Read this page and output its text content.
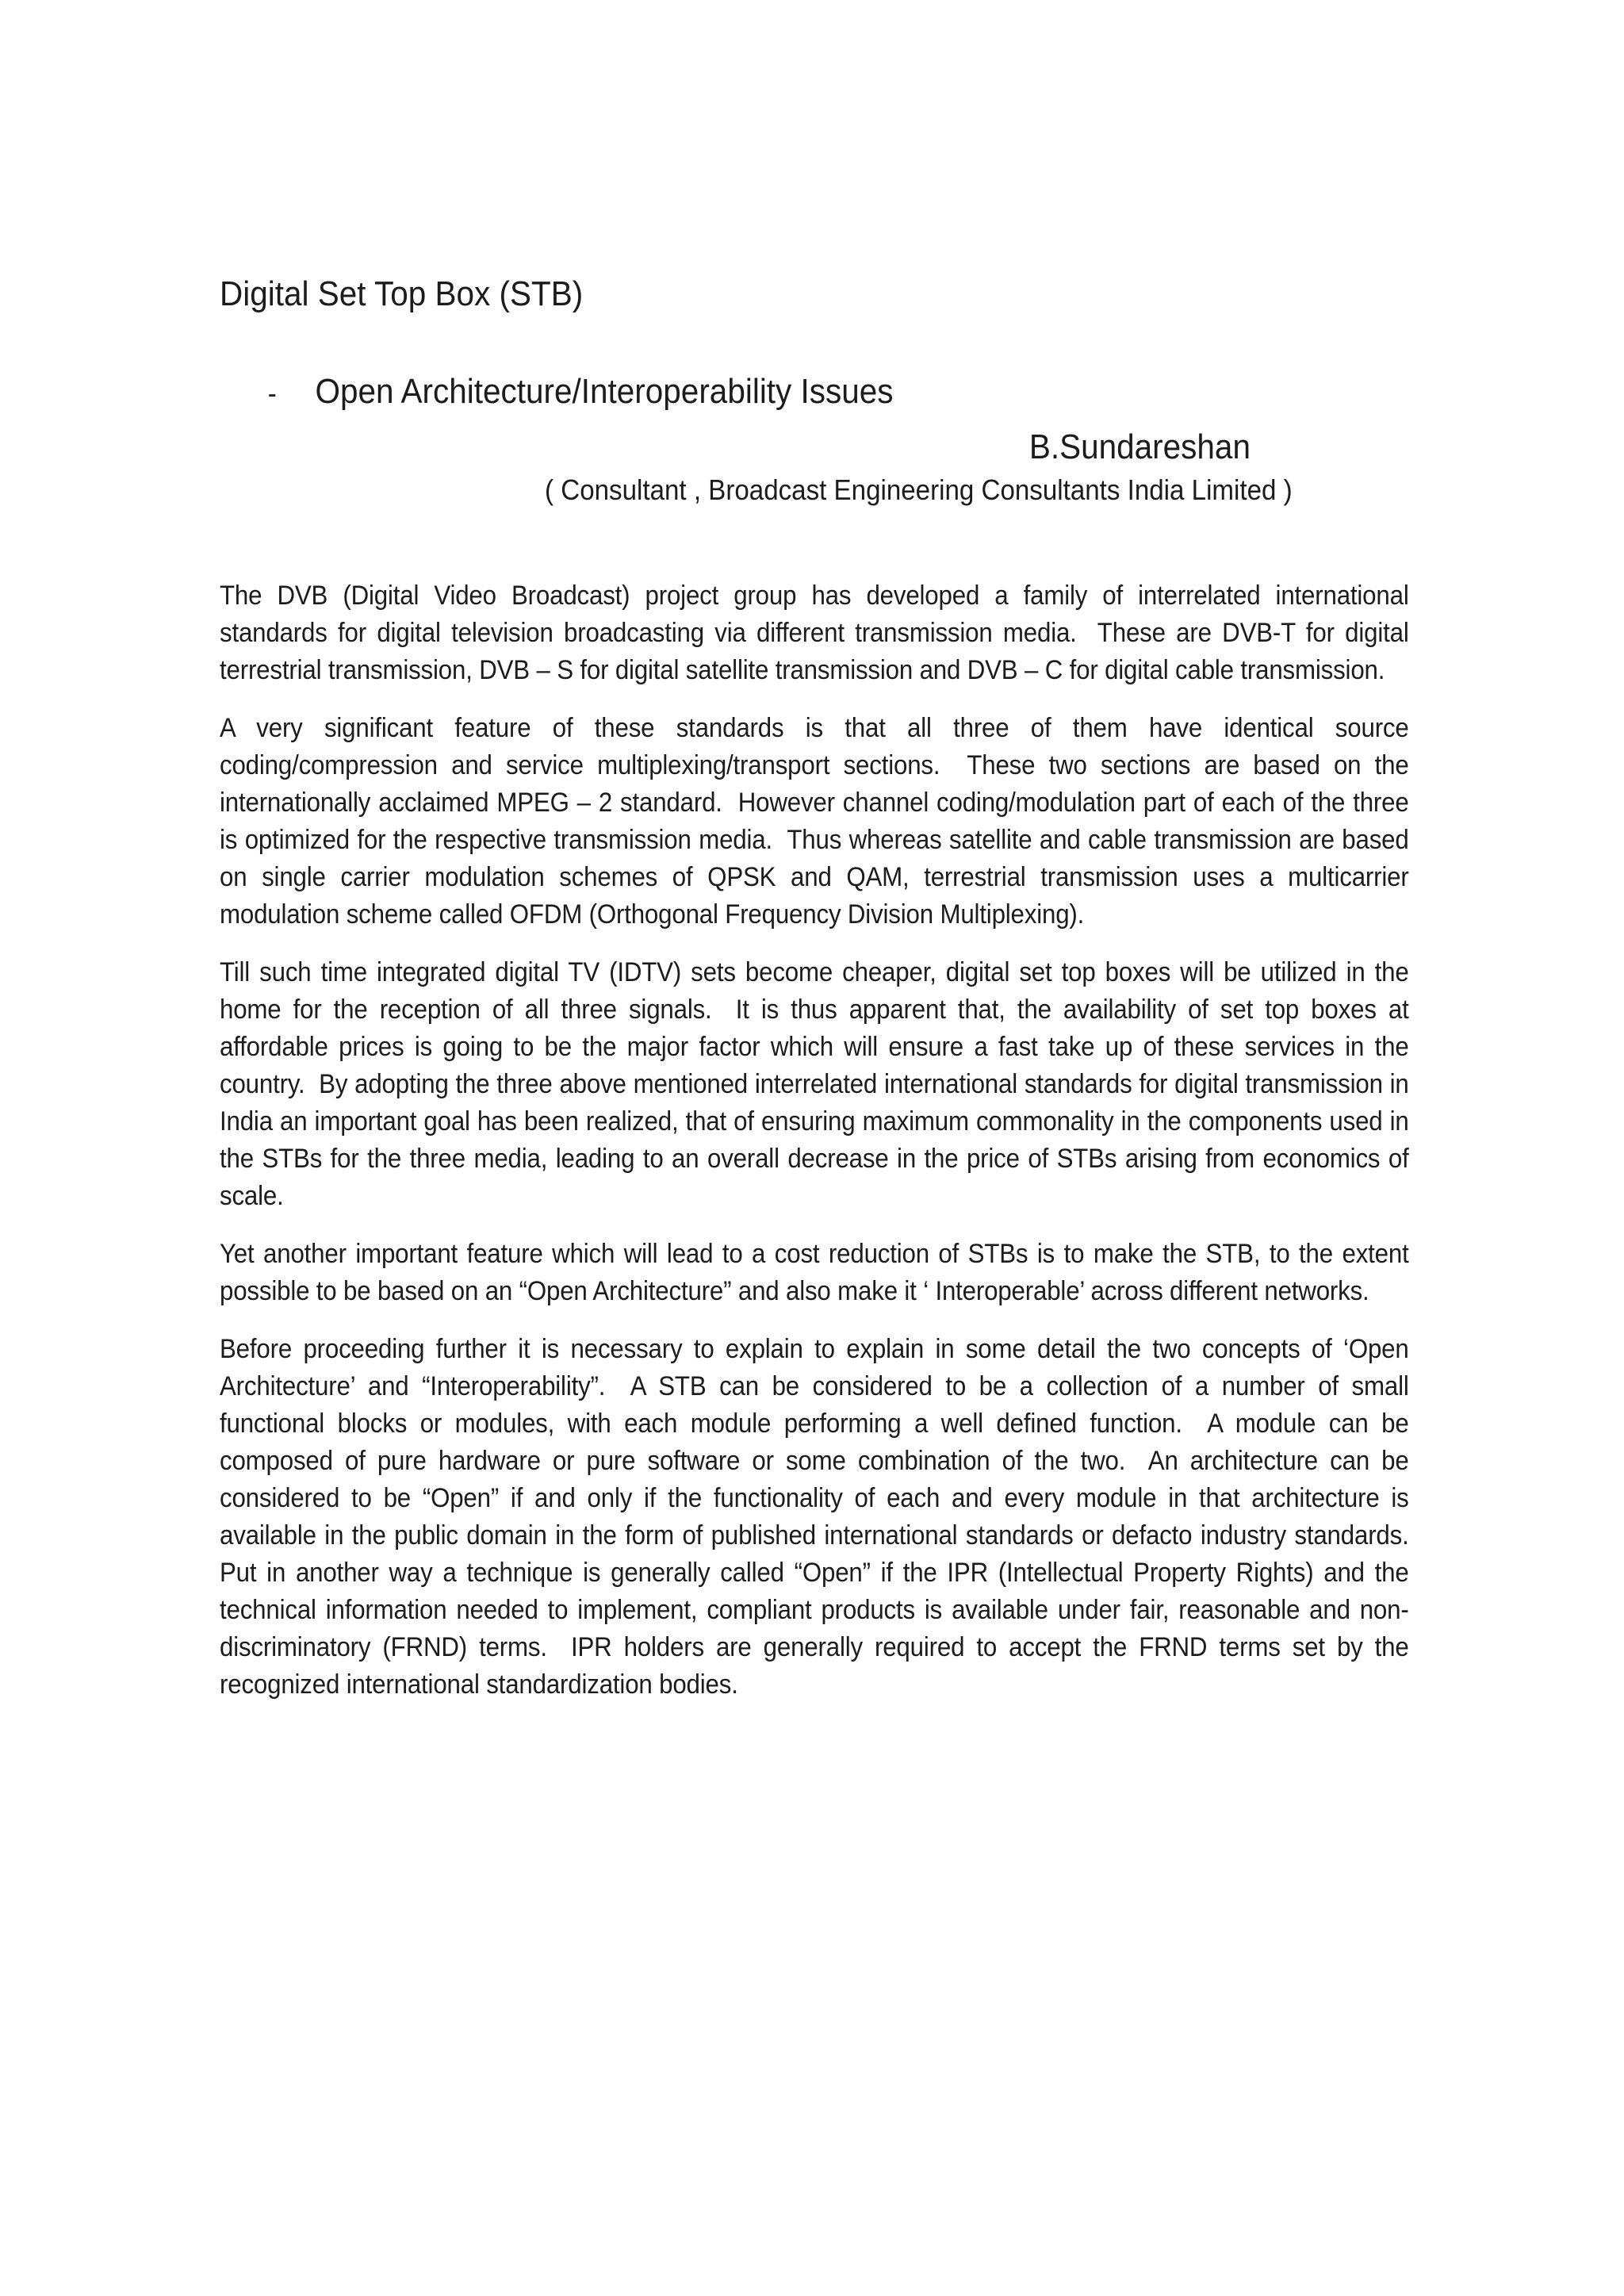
Digital Set Top Box (STB)
- Open Architecture/Interoperability Issues
B.Sundareshan
( Consultant , Broadcast Engineering Consultants India Limited )

The DVB (Digital Video Broadcast) project group has developed a family of interrelated international standards for digital television broadcasting via different transmission media.  These are DVB-T for digital terrestrial transmission, DVB – S for digital satellite transmission and DVB – C for digital cable transmission.

A very significant feature of these standards is that all three of them have identical source coding/compression and service multiplexing/transport sections.  These two sections are based on the internationally acclaimed MPEG – 2 standard.  However channel coding/modulation part of each of the three is optimized for the respective transmission media.  Thus whereas satellite and cable transmission are based on single carrier modulation schemes of QPSK and QAM, terrestrial transmission uses a multicarrier modulation scheme called OFDM (Orthogonal Frequency Division Multiplexing).

Till such time integrated digital TV (IDTV) sets become cheaper, digital set top boxes will be utilized in the home for the reception of all three signals.  It is thus apparent that, the availability of set top boxes at affordable prices is going to be the major factor which will ensure a fast take up of these services in the country.  By adopting the three above mentioned interrelated international standards for digital transmission in India an important goal has been realized, that of ensuring maximum commonality in the components used in the STBs for the three media, leading to an overall decrease in the price of STBs arising from economics of scale.

Yet another important feature which will lead to a cost reduction of STBs is to make the STB, to the extent possible to be based on an “Open Architecture” and also make it ‘ Interoperable’ across different networks.

Before proceeding further it is necessary to explain to explain in some detail the two concepts of ‘Open Architecture’ and “Interoperability”.  A STB can be considered to be a collection of a number of small functional blocks or modules, with each module performing a well defined function.  A module can be composed of pure hardware or pure software or some combination of the two.  An architecture can be considered to be “Open” if and only if the functionality of each and every module in that architecture is available in the public domain in the form of published international standards or defacto industry standards.  Put in another way a technique is generally called “Open” if the IPR (Intellectual Property Rights) and the technical information needed to implement, compliant products is available under fair, reasonable and non-discriminatory (FRND) terms.  IPR holders are generally required to accept the FRND terms set by the recognized international standardization bodies.
